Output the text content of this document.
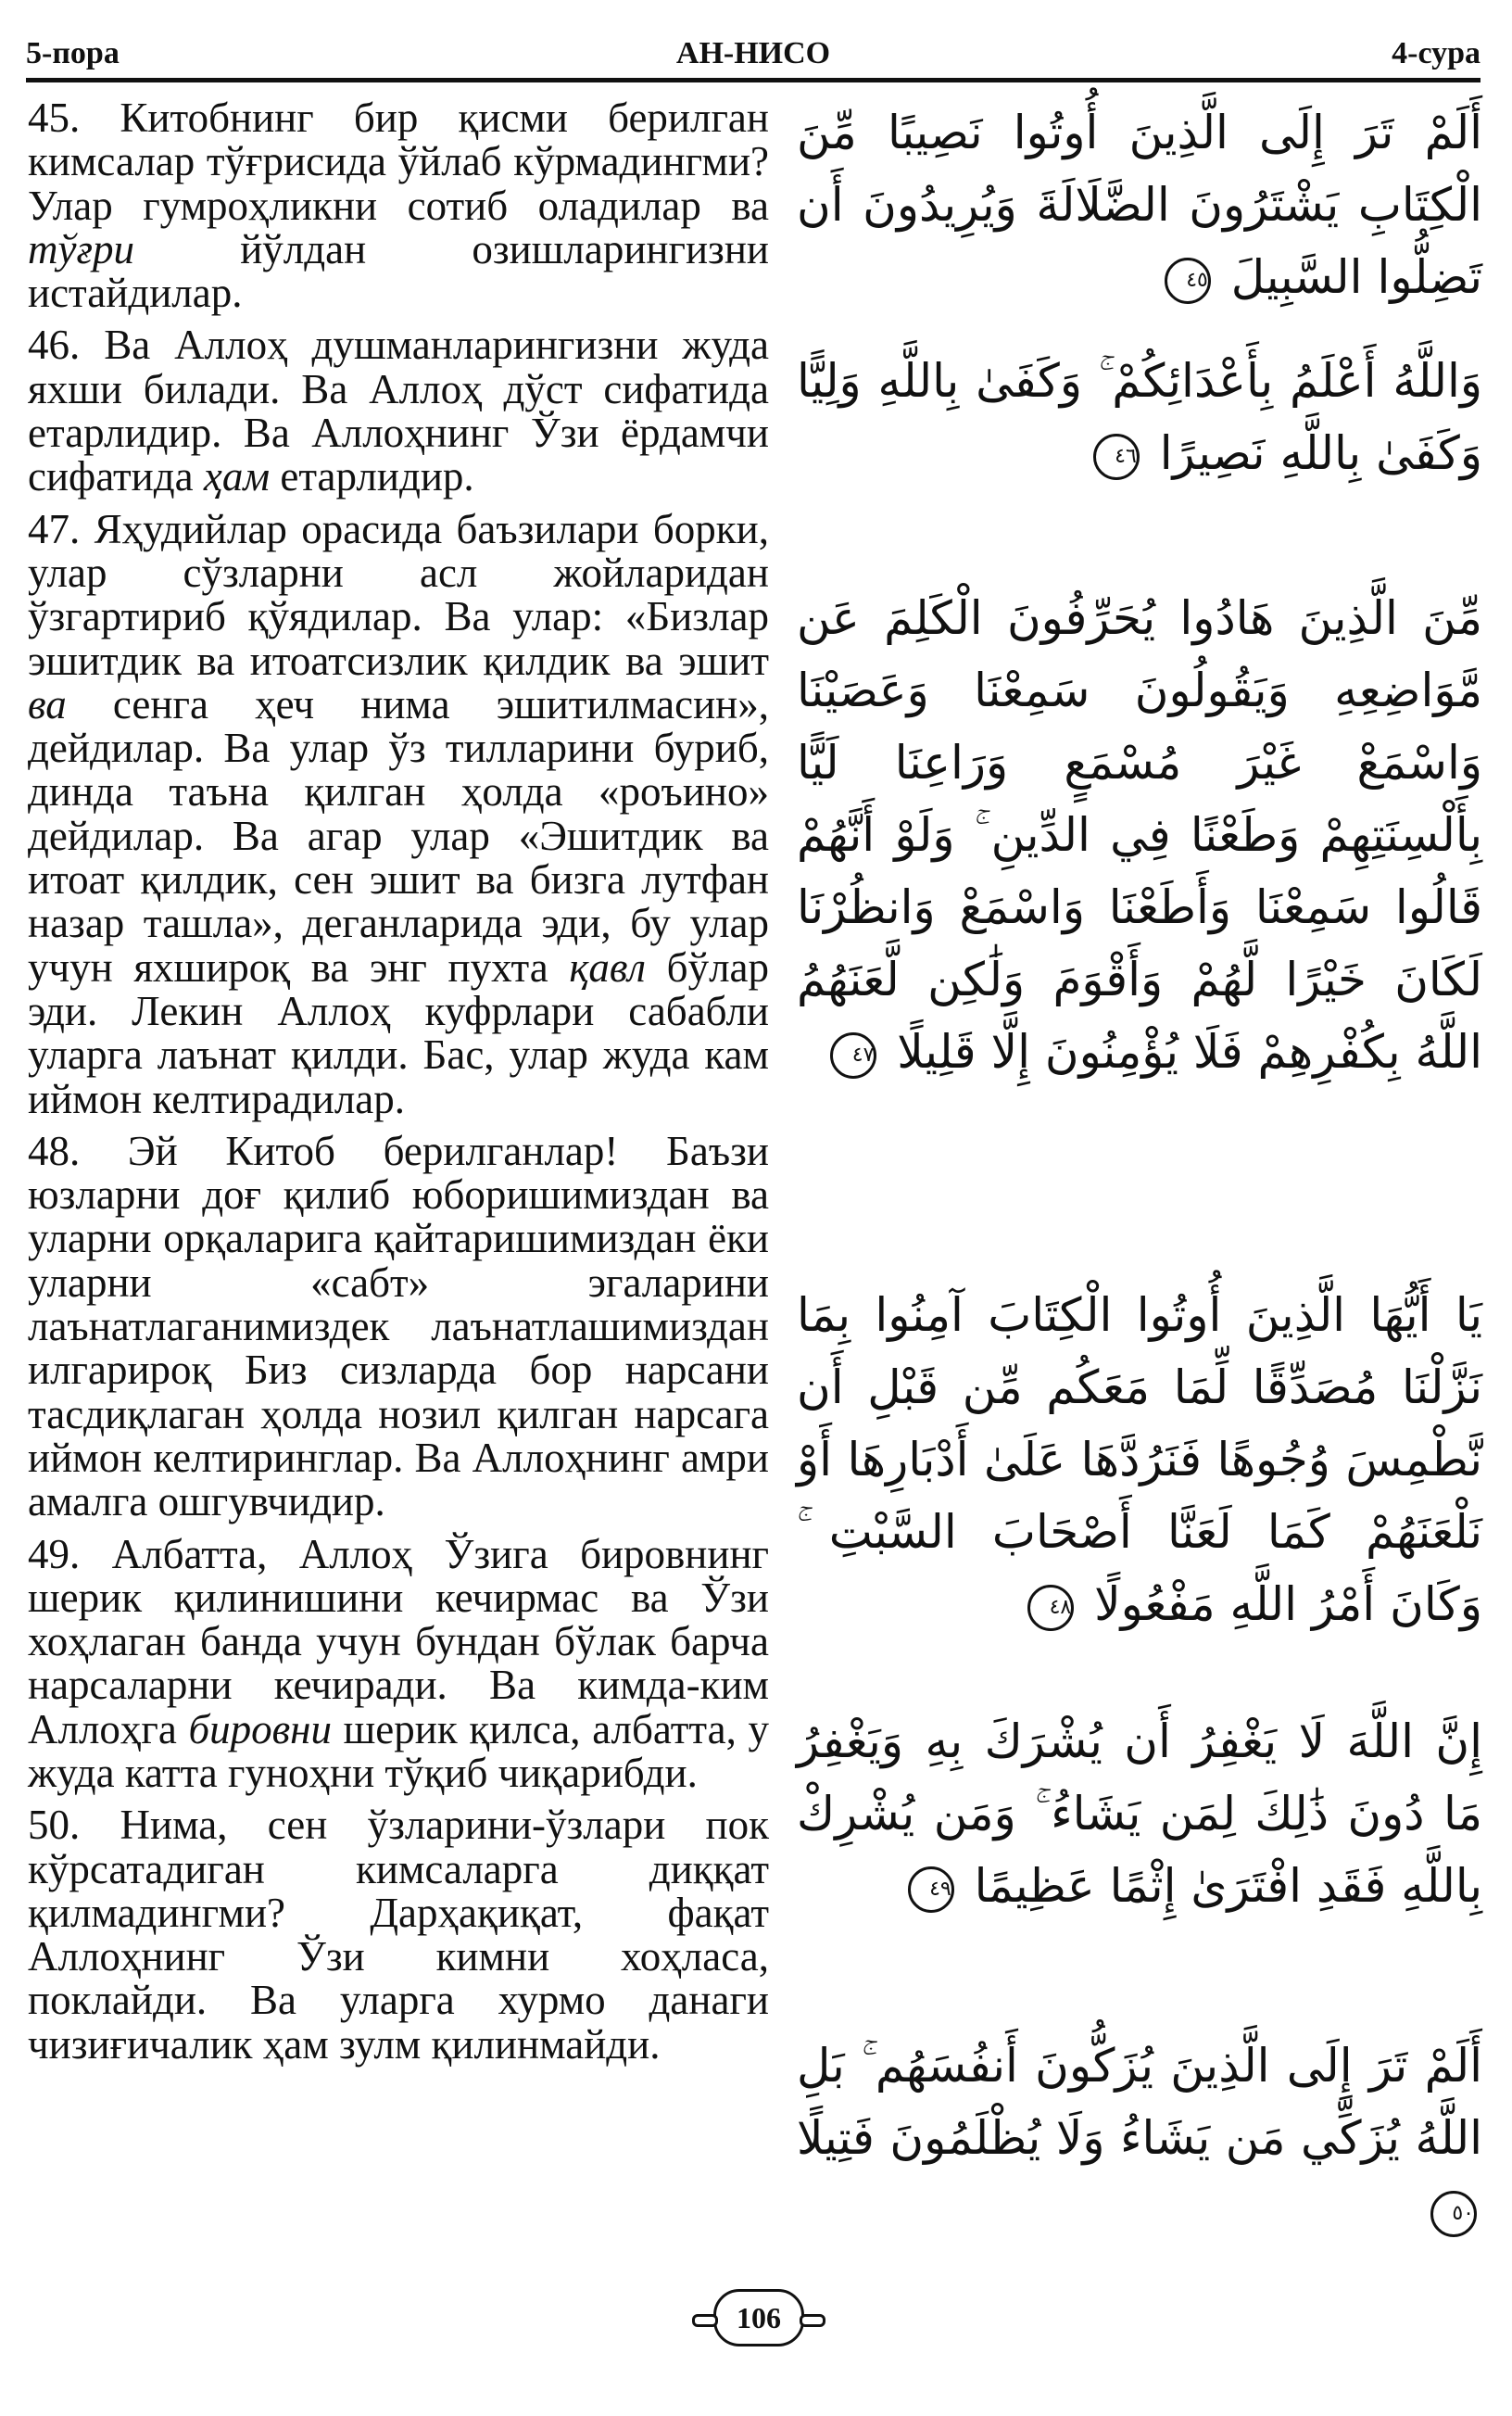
АН-НИСО
5-пора	4-сура

45. Китобнинг бир қисми берилган кимсалар тўғрисида ўйлаб кўрмадингми? Улар гумроҳликни сотиб оладилар ва тўғри йўлдан озишларингизни истайдилар.

46. Ва Аллоҳ душманларингизни жуда яхши билади. Ва Аллоҳ дўст сифатида етарлидир. Ва Аллоҳнинг Ўзи ёрдамчи сифатида ҳам етарлидир.

47. Яҳудийлар орасида баъзилари борки, улар сўзларни асл жойларидан ўзгартириб қўядилар. Ва улар: «Бизлар эшитдик ва итоатсизлик қилдик ва эшит ва сенга ҳеч нима эшитилмасин», дейдилар. Ва улар ўз тилларини буриб, динда таъна қилган ҳолда «роъино» дейдилар. Ва агар улар «Эшитдик ва итоат қилдик, сен эшит ва бизга лутфан назар ташла», деганларида эди, бу улар учун яхшироқ ва энг пухта қавл бўлар эди. Лекин Аллоҳ куфрлари сабабли уларга лаънат қилди. Бас, улар жуда кам иймон келтирадилар.

48. Эй Китоб берилганлар! Баъзи юзларни доғ қилиб юборишимиздан ва уларни орқаларига қайтаришимиздан ёки уларни «сабт» эгаларини лаънатлаганимиздек лаънатлашимиздан илгарироқ Биз сизларда бор нарсани тасдиқлаган ҳолда нозил қилган нарсага иймон келтиринглар. Ва Аллоҳнинг амри амалга ошгувчидир.

49. Албатта, Аллоҳ Ўзига бировнинг шерик қилинишини кечирмас ва Ўзи хоҳлаган банда учун бундан бўлак барча нарсаларни кечиради. Ва кимда-ким Аллоҳга бировни шерик қилса, албатта, у жуда катта гуноҳни тўқиб чиқарибди.

50. Нима, сен ўзларини-ўзлари пок кўрсатадиган кимсаларга диққат қилмадингми? Дарҳақиқат, фақат Аллоҳнинг Ўзи кимни хоҳласа, поклайди. Ва уларга хурмо данаги чизиғичалик ҳам зулм қилинмайди.

أَلَمْ تَرَ إِلَى الَّذِينَ أُوتُوا نَصِيبًا مِّنَ الْكِتَابِ يَشْتَرُونَ الضَّلَالَةَ وَيُرِيدُونَ أَن تَضِلُّوا السَّبِيلَ ٤٥
وَاللَّهُ أَعْلَمُ بِأَعْدَائِكُمْ ۚ وَكَفَىٰ بِاللَّهِ وَلِيًّا وَكَفَىٰ بِاللَّهِ نَصِيرًا ٤٦
مِّنَ الَّذِينَ هَادُوا يُحَرِّفُونَ الْكَلِمَ عَن مَّوَاضِعِهِ وَيَقُولُونَ سَمِعْنَا وَعَصَيْنَا وَاسْمَعْ غَيْرَ مُسْمَعٍ وَرَاعِنَا لَيًّا بِأَلْسِنَتِهِمْ وَطَعْنًا فِي الدِّينِ ۚ وَلَوْ أَنَّهُمْ قَالُوا سَمِعْنَا وَأَطَعْنَا وَاسْمَعْ وَانظُرْنَا لَكَانَ خَيْرًا لَّهُمْ وَأَقْوَمَ وَلَٰكِن لَّعَنَهُمُ اللَّهُ بِكُفْرِهِمْ فَلَا يُؤْمِنُونَ إِلَّا قَلِيلًا ٤٧
يَا أَيُّهَا الَّذِينَ أُوتُوا الْكِتَابَ آمِنُوا بِمَا نَزَّلْنَا مُصَدِّقًا لِّمَا مَعَكُم مِّن قَبْلِ أَن نَّطْمِسَ وُجُوهًا فَنَرُدَّهَا عَلَىٰ أَدْبَارِهَا أَوْ نَلْعَنَهُمْ كَمَا لَعَنَّا أَصْحَابَ السَّبْتِ ۚ وَكَانَ أَمْرُ اللَّهِ مَفْعُولًا ٤٨
إِنَّ اللَّهَ لَا يَغْفِرُ أَن يُشْرَكَ بِهِ وَيَغْفِرُ مَا دُونَ ذَٰلِكَ لِمَن يَشَاءُ ۚ وَمَن يُشْرِكْ بِاللَّهِ فَقَدِ افْتَرَىٰ إِثْمًا عَظِيمًا ٤٩
أَلَمْ تَرَ إِلَى الَّذِينَ يُزَكُّونَ أَنفُسَهُم ۚ بَلِ اللَّهُ يُزَكِّي مَن يَشَاءُ وَلَا يُظْلَمُونَ فَتِيلًا ٥٠
106
